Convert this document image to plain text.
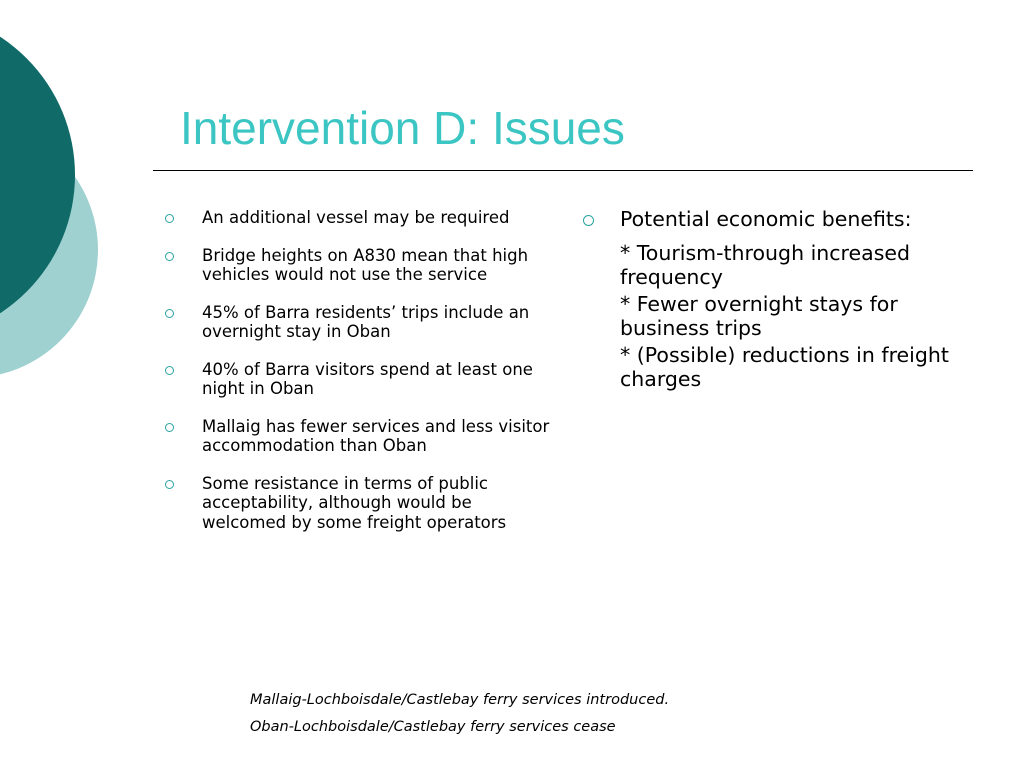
Intervention D: Issues
An additional vessel may be required
Bridge heights on A830 mean that high vehicles would not use the service
45% of Barra residents’ trips include an overnight stay in Oban
40% of Barra visitors spend at least one night in Oban
Mallaig has fewer services and less visitor accommodation than Oban
Some resistance in terms of public acceptability, although would be welcomed by some freight operators
Potential economic benefits:
* Tourism-through increased frequency
* Fewer overnight stays for business trips
* (Possible) reductions in freight charges
Mallaig-Lochboisdale/Castlebay ferry services introduced.
Oban-Lochboisdale/Castlebay ferry services cease
